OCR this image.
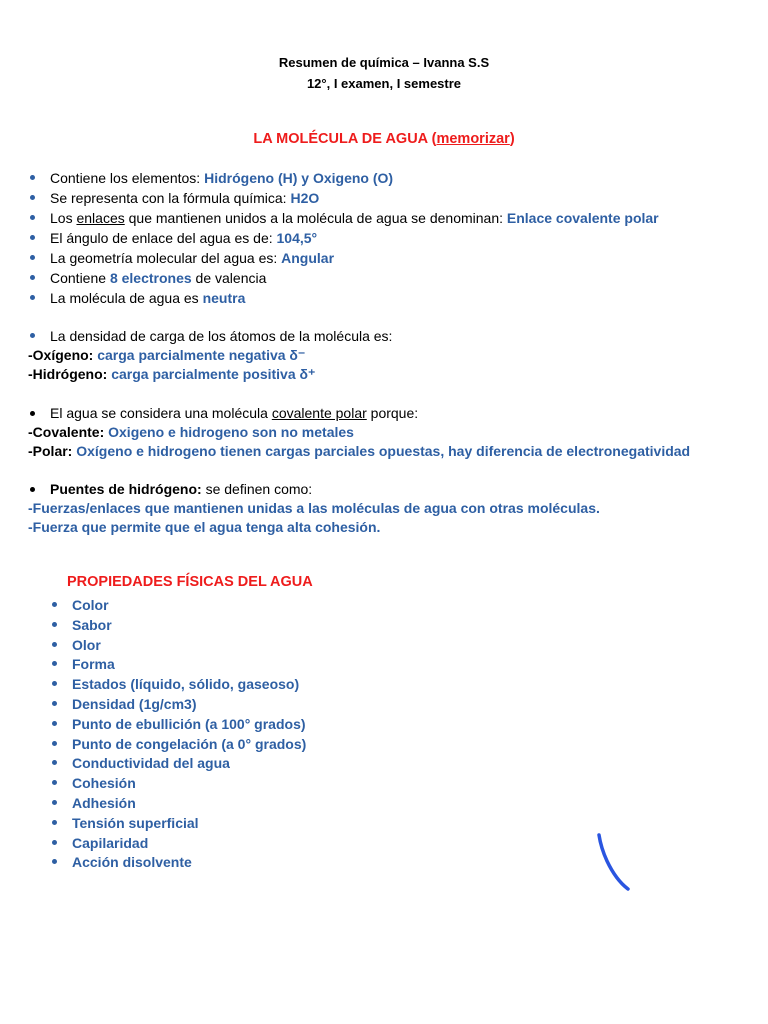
Resumen de química – Ivanna S.S
12°, I examen, I semestre
LA MOLÉCULA DE AGUA (memorizar)
Contiene los elementos: Hidrógeno (H) y Oxigeno (O)
Se representa con la fórmula química: H2O
Los enlaces que mantienen unidos a la molécula de agua se denominan: Enlace covalente polar
El ángulo de enlace del agua es de: 104,5°
La geometría molecular del agua es: Angular
Contiene 8 electrones de valencia
La molécula de agua es neutra
La densidad de carga de los átomos de la molécula es:
-Oxígeno: carga parcialmente negativa δ⁻
-Hidrógeno: carga parcialmente positiva δ⁺
El agua se considera una molécula covalente polar porque:
-Covalente: Oxigeno e hidrogeno son no metales
-Polar: Oxígeno e hidrogeno tienen cargas parciales opuestas, hay diferencia de electronegatividad
Puentes de hidrógeno: se definen como:
-Fuerzas/enlaces que mantienen unidas a las moléculas de agua con otras moléculas.
-Fuerza que permite que el agua tenga alta cohesión.
PROPIEDADES FÍSICAS DEL AGUA
Color
Sabor
Olor
Forma
Estados (líquido, sólido, gaseoso)
Densidad (1g/cm3)
Punto de ebullición (a 100° grados)
Punto de congelación (a 0° grados)
Conductividad del agua
Cohesión
Adhesión
Tensión superficial
Capilaridad
Acción disolvente
